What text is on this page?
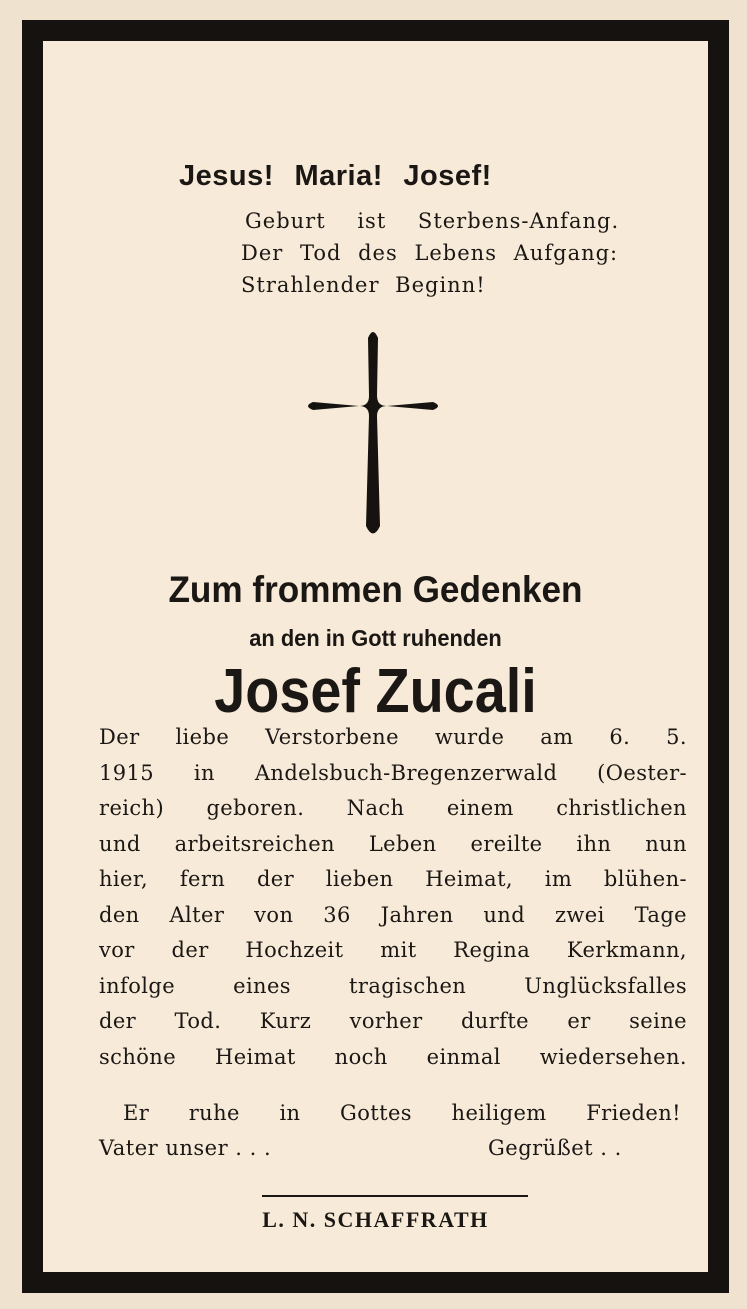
Jesus! Maria! Josef!
Geburt ist Sterbens-Anfang.
Der Tod des Lebens Aufgang:
Strahlender Beginn!
Zum frommen Gedenken
an den in Gott ruhenden
Josef Zucali
Der liebe Verstorbene wurde am 6. 5.
1915 in Andelsbuch-Bregenzerwald (Oester-
reich) geboren. Nach einem christlichen
und arbeitsreichen Leben ereilte ihn nun
hier, fern der lieben Heimat, im blühen-
den Alter von 36 Jahren und zwei Tage
vor der Hochzeit mit Regina Kerkmann,
infolge eines tragischen Unglücksfalles
der Tod. Kurz vorher durfte er seine
schöne Heimat noch einmal wiedersehen.
Er ruhe in Gottes heiligem Frieden!
Vater unser . . .	Gegrüßet . .
L. N. SCHAFFRATH
